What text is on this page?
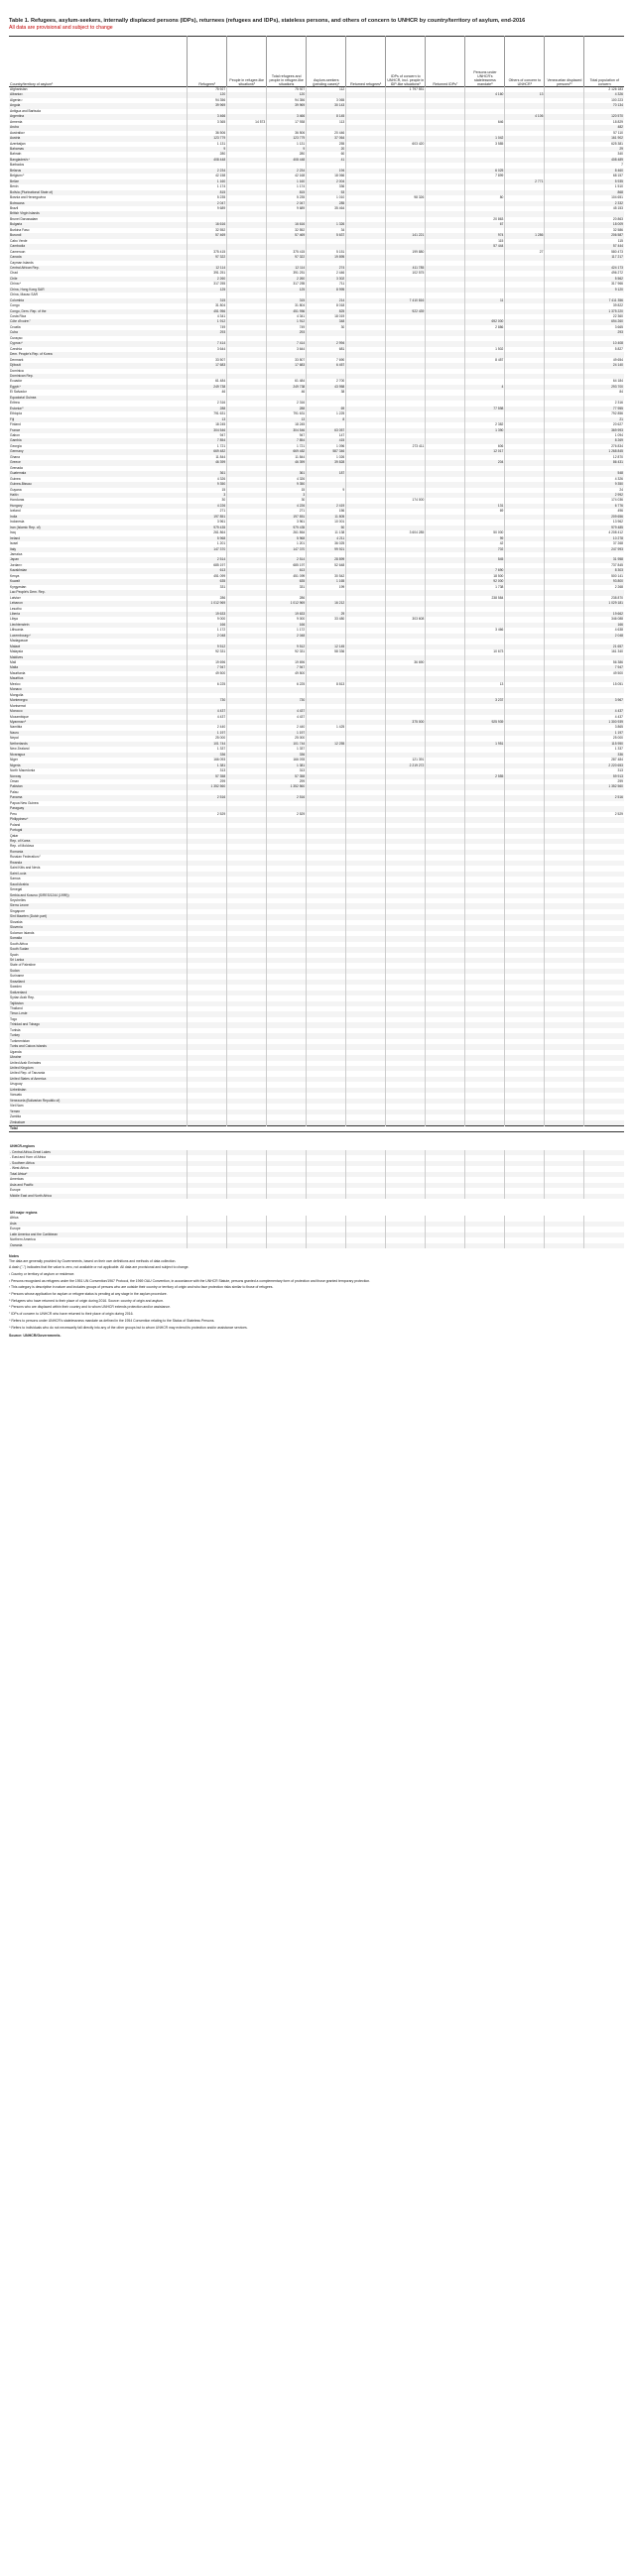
Table 1. Refugees, asylum-seekers, internally displaced persons (IDPs), returnees (refugees and IDPs), stateless persons, and others of concern to UNHCR by country/territory of asylum, end-2016
All data are provisional and subject to change
Country/territory of asylum¹	Refugees²	People in refugee-like situations³	Total refugees and people in refugee-like situations	Asylum-seekers (pending cases)⁴	Returned refugees⁵	IDPs of concern to UNHCR, incl. people in IDP-like situations⁶	Returned IDPs⁷	Persons under UNHCR's statelessness mandate⁸	Others of concern to UNHCR⁹	Venezuelan displaced persons¹⁰	Total population of concern
Afghanistan	75 927		75 927	112		1 797 551					2 126 183
Albania¹¹	120		120					4 160	13		4 326
Algeria¹²	94 356		94 356	3 065							100 223
Angola	39 969		39 969	30 143							70 134
Antigua and Barbuda											
Argentina	3 466		3 466	8 145					4 106		120 570
Armenia	3 365	14 573	17 938	113				646			18 829
Aruba											482
Australia¹³	36 506		36 506	20 446							57 110
Austria	123 779		123 779	37 064				1 042			161 902
Azerbaijan	1 131		1 131	255		603 420		3 585			625 381
Bahamas	9		9	20							29
Bahrain	280		280	60							340
Bangladesh¹⁴	408 448		408 448	41							408 489
Barbados											7
Belarus	2 234		2 234	194				6 025			8 460
Belgium¹⁵	42 158		42 168	18 066				7 899			68 157
Belize	1 160		1 160	2 004					2 771		5 935
Benin	1 174		1 174	336							1 510
Bolivia (Plurinational State of)	815		815	53							868
Bosnia and Herzegovina	5 235		5 235	1 010		98 326		80			104 651
Botswana	2 047		2 047	285							2 332
Brazil	9 689		9 689	35 464							45 153
British Virgin Islands											
Brunei Darussalam								20 863			20 863
Bulgaria	16 616		16 616	1 326				67			18 009
Burkina Faso	32 552		32 552	34							32 586
Burundi	57 469		57 469	5 637		141 221		974	1 286		206 587
Cabo Verde								115			115
Cambodia								57 444			57 444
Cameroon	375 415		375 415	5 151		199 880			27		580 473
Canada	97 322		97 322	19 895							117 217
Cayman Islands											
Central African Rep.	12 114		12 114	274		411 785					424 173
Chad	391 251		391 251	2 446		102 575					496 272
Chile	2 260		2 260	3 302							5 562
China¹⁶	317 255		317 255	711							317 966
China, Hong Kong SAR	125		125	8 995							9 120
China, Macao SAR											
Colombia	315		315	214		7 410 816		11			7 411 356
Congo	31 804		31 804	8 018							39 822
Congo, Dem. Rep. of the	451 956		451 956	825		922 439					1 375 220
Costa Rica	4 341		4 341	18 019							22 360
Côte d'Ivoire¹⁷	1 912		1 912	348				692 000			694 260
Croatia	749		749	30				2 886			3 665
Cuba	293		293								293
Curaçao											
Cyprus¹⁸	7 414		7 414	2 994							10 408
Czechia	3 644		3 644	681				1 502			5 827
Dem. People's Rep. of Korea											
Denmark	33 507		33 507	7 690				8 457			49 654
Djibouti	17 683		17 683	6 457							24 140
Dominica											
Dominican Rep.											
Ecuador	61 484		61 484	2 700							64 184
Egypt¹⁹	249 738		249 738	43 958				4			293 700
El Salvador	46		46	38							84
Equatorial Guinea											
Eritrea	2 316		2 316								2 316
Estonia²⁰	288		288	69				77 598			77 955
Ethiopia	791 631		791 631	1 225							792 856
Fiji	13		13	8							21
Finland	18 245		18 245					2 382			20 627
France	304 546		304 546	63 057				1 390			369 993
Gabon	947		947	147							1 094
Gambia	7 854		7 854	415							8 269
Georgia	1 721		1 721	1 096		273 411		606			276 834
Germany	669 482		669 482	587 346				12 017			1 268 845
Ghana	11 844		11 844	1 026							12 870
Greece	46 399		46 399	39 828				204			86 431
Grenada											
Guatemala	361		361	187							548
Guinea	4 326		4 326								4 326
Guinea-Bissau	9 350		9 350								9 350
Guyana	15		15	9							24
Haiti²¹	3		3								2 992
Honduras	30		30			174 000					174 036
Hungary	4 226		4 226	2 419				131			6 776
Iceland	271		271	156				69			496
India	197 851		197 851	11 805							209 656
Indonesia	3 961		3 961	10 001							13 962
Iran (Islamic Rep. of)	979 435		979 435	50							979 485
Iraq	261 864		261 864	11 138		3 604 285		50 000			4 208 412
Ireland	5 968		5 968	4 211				99			10 278
Israel	1 201		1 201	36 025				42			37 268
Italy	147 370		147 370	99 921				702			247 993
Jamaica											
Japan	2 514		2 514	28 899				545			31 958
Jordan²²	685 197		685 197	52 648							737 845
Kazakhstan	613		613					7 690			8 303
Kenya	451 099		451 099	30 542				18 500			500 141
Kuwait	635		635	1 165				92 000			93 800
Kyrgyzstan	331		331	199				1 738			2 268
Lao People's Dem. Rep.											
Latvia²³	286		286					238 584			238 870
Lebanon	1 012 969		1 012 969	16 212							1 029 181
Lesotho											
Liberia	19 633		19 633	29							19 662
Libya	9 000		9 000	33 480		303 608					346 088
Liechtenstein	166		166								166
Lithuania	1 172		1 172					3 466			4 638
Luxembourg²⁴	2 048		2 048								2 048
Madagascar											
Malawi	9 512		9 512	12 145							21 657
Malaysia	92 331		92 331	58 336				10 673			161 340
Maldives											
Mali	19 696		19 696			36 690					56 386
Malta	7 947		7 947								7 947
Mauritania	49 500		49 500								49 500
Mauritius											
Mexico	6 225		6 225	8 813				13			15 051
Monaco											
Mongolia											
Montenegro	730		730					3 237			3 967
Montserrat											
Morocco	4 437		4 437								4 437
Mozambique	4 437		4 437								4 437
Myanmar²⁵						375 000		925 939			1 300 939
Namibia	2 440		2 440	1 425							3 865
Nauru	1 197		1 197								1 197
Nepal	25 000		25 000								25 000
Netherlands	101 744		101 744	12 255				1 951			115 950
New Zealand	1 337		1 337								1 337
Nicaragua	336		336								336
Niger	166 093		166 093			121 391					287 484
Nigeria	1 381		1 381			2 219 272					2 220 653
North Macedonia	313		313								313
Norway	57 358		57 358					2 555			59 913
Oman	299		299								299
Pakistan	1 352 560		1 352 560								1 352 560
Palau											
Panama	2 516		2 516								2 516
Papua New Guinea											
Paraguay											
Peru	2 529		2 529								2 529
Philippines²⁶											
Poland											
Portugal											
Qatar											
Rep. of Korea											
Rep. of Moldova											
Romania											
Russian Federation²⁷											
Rwanda											
Saint Kitts and Nevis											
Saint Lucia											
Samoa											
Saudi Arabia											
Senegal											
Serbia and Kosovo (S/RES/1244 (1999))											
Seychelles											
Sierra Leone											
Singapore											
Sint Maarten (Dutch part)											
Slovakia											
Slovenia											
Solomon Islands											
Somalia											
South Africa											
South Sudan											
Spain											
Sri Lanka											
State of Palestine											
Sudan											
Suriname											
Swaziland											
Sweden											
Switzerland											
Syrian Arab Rep.											
Tajikistan											
Thailand											
Timor-Leste											
Togo											
Trinidad and Tobago											
Tunisia											
Turkey											
Turkmenistan											
Turks and Caicos Islands											
Uganda											
Ukraine											
United Arab Emirates											
United Kingdom											
United Rep. of Tanzania											
United States of America											
Uruguay											
Uzbekistan											
Vanuatu											
Venezuela (Bolivarian Republic of)											
Viet Nam											
Yemen											
Zambia											
Zimbabwe											
Total											

UNHCR-regions											
- Central Africa-Great Lakes											
- East and Horn of Africa											
- Southern Africa											
- West Africa											
Total Africa*											
Americas											
Asia and Pacific											
Europe											
Middle East and North Africa											

UN major regions											
Africa											
Asia											
Europe											
Latin America and the Caribbean											
Northern America											
Oceania											
Notes
The data are generally provided by Governments, based on their own definitions and methods of data collection.
A dash ("-") indicates that the value is zero, not available or not applicable. All data are provisional and subject to change.
¹ Country or territory of asylum or residence.
² Persons recognized as refugees under the 1951 UN Convention/1967 Protocol, the 1969 OAU Convention, in accordance with the UNHCR Statute, persons granted a complementary form of protection and those granted temporary protection.
³ This category is descriptive in nature and includes groups of persons who are outside their country or territory of origin and who face protection risks similar to those of refugees.
⁴ Persons whose application for asylum or refugee status is pending at any stage in the asylum procedure.
⁵ Refugees who have returned to their place of origin during 2016. Source: country of origin and asylum.
⁶ Persons who are displaced within their country and to whom UNHCR extends protection and/or assistance.
⁷ IDPs of concern to UNHCR who have returned to their place of origin during 2016.
⁸ Refers to persons under UNHCR's statelessness mandate as defined in the 1954 Convention relating to the Status of Stateless Persons.
⁹ Refers to individuals who do not necessarily fall directly into any of the other groups but to whom UNHCR may extend its protection and/or assistance services.
Source: UNHCR/Governments.
